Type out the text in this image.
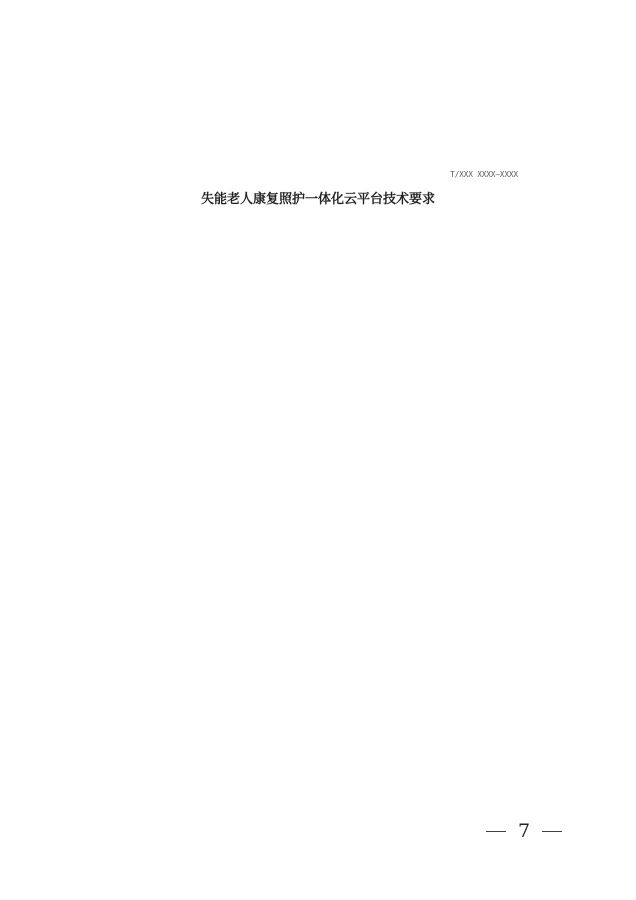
T/XXX XXXX—XXXX
失能老人康复照护一体化云平台技术要求
7
